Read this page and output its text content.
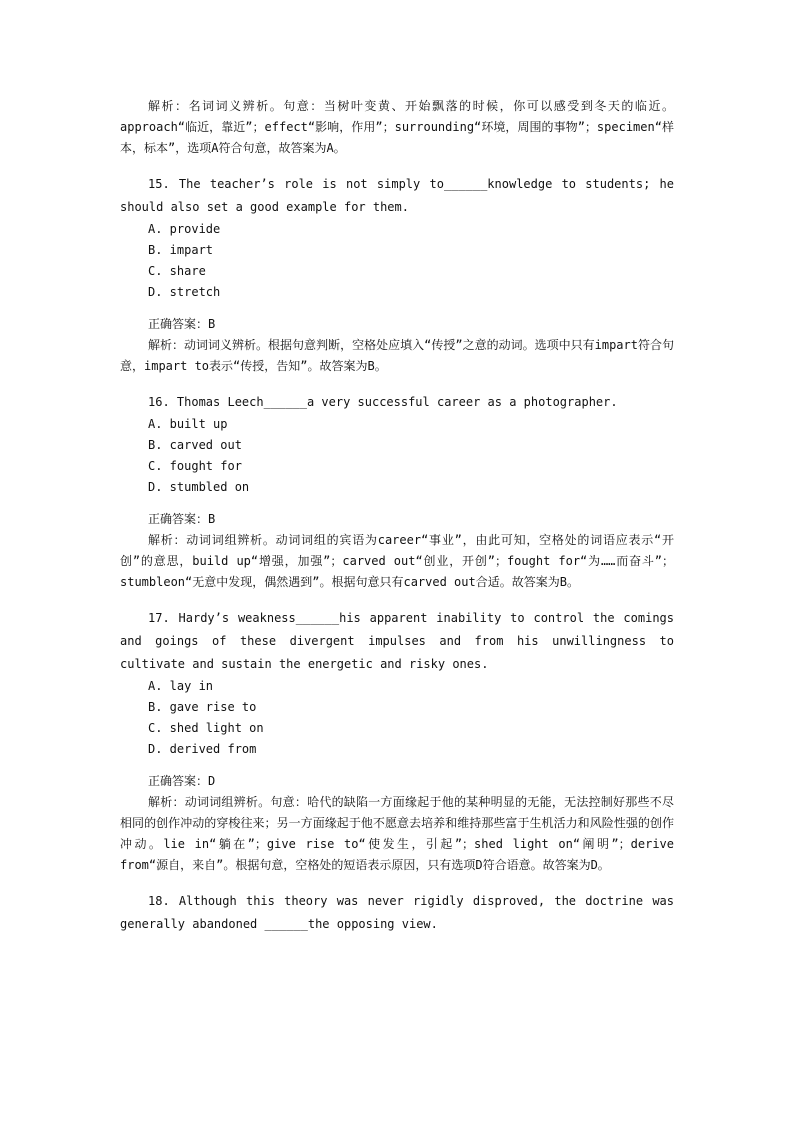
解析：名词词义辨析。句意：当树叶变黄、开始飘落的时候，你可以感受到冬天的临近。approach“临近，靠近”；effect“影响，作用”；surrounding“环境，周围的事物”；specimen“样本，标本”，选项A符合句意，故答案为A。

15. The teacher’s role is not simply to______knowledge to students; he should also set a good example for them.

A. provide

B. impart

C. share

D. stretch

正确答案：B

解析：动词词义辨析。根据句意判断，空格处应填入“传授”之意的动词。选项中只有impart符合句意，impart to表示“传授，告知”。故答案为B。

16. Thomas Leech______a very successful career as a photographer.

A. built up

B. carved out

C. fought for

D. stumbled on

正确答案：B

解析：动词词组辨析。动词词组的宾语为career“事业”，由此可知，空格处的词语应表示“开创”的意思，build up“增强，加强”；carved out“创业，开创”；fought for“为……而奋斗”；stumbleon“无意中发现，偶然遇到”。根据句意只有carved out合适。故答案为B。

17. Hardy’s weakness______his apparent inability to control the comings and goings of these divergent impulses and from his unwillingness to cultivate and sustain the energetic and risky ones.

A. lay in

B. gave rise to

C. shed light on

D. derived from

正确答案：D

解析：动词词组辨析。句意：哈代的缺陷一方面缘起于他的某种明显的无能，无法控制好那些不尽相同的创作冲动的穿梭往来；另一方面缘起于他不愿意去培养和维持那些富于生机活力和风险性强的创作冲动。lie in“躺在”；give rise to“使发生，引起”；shed light on“阐明”；derive from“源自，来自”。根据句意，空格处的短语表示原因，只有选项D符合语意。故答案为D。

18. Although this theory was never rigidly disproved, the doctrine was generally abandoned ______the opposing view.
